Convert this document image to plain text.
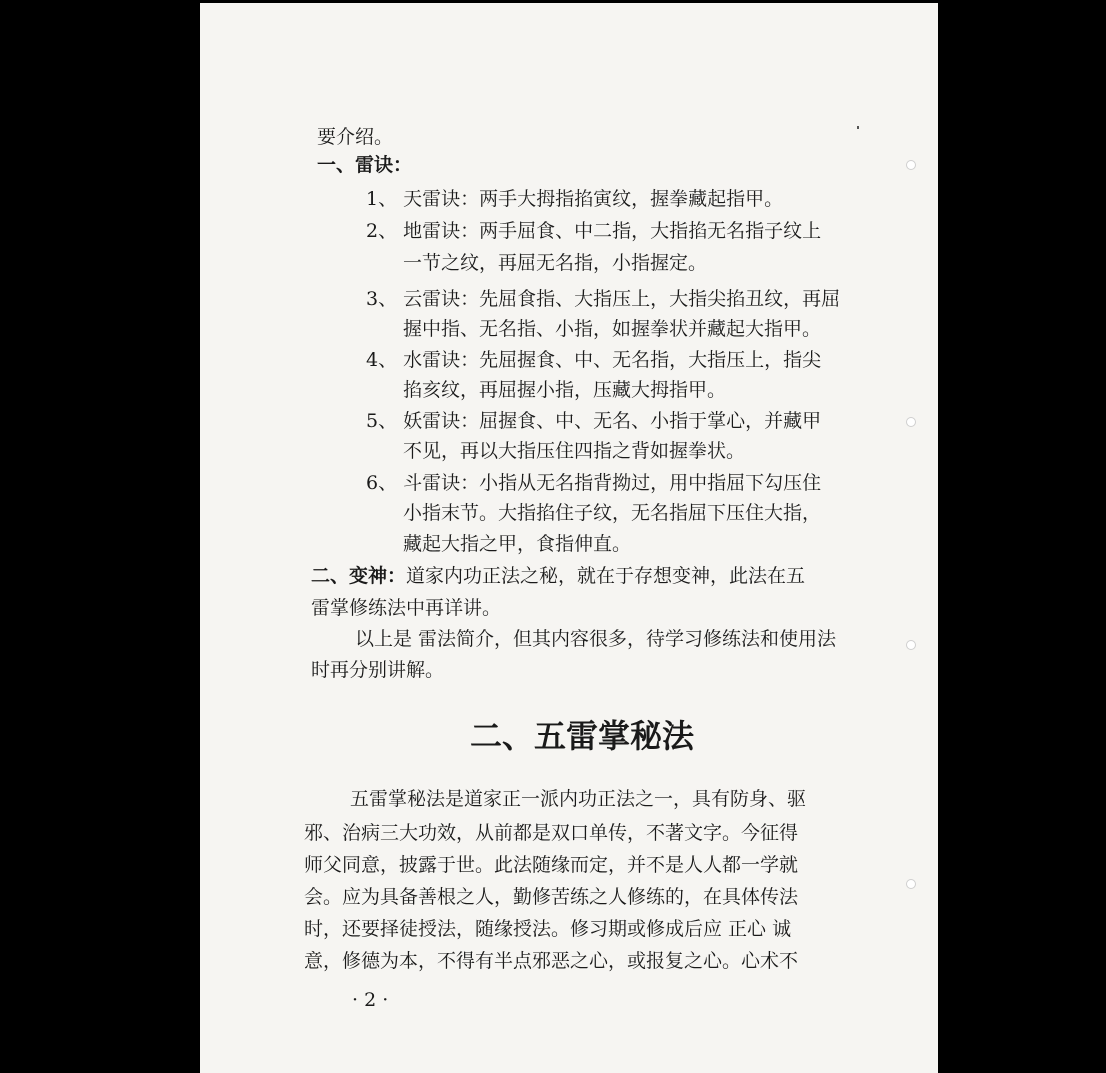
要介绍。
一、雷诀：
1、 天雷诀：两手大拇指掐寅纹，握拳藏起指甲。
2、 地雷诀：两手屈食、中二指，大指掐无名指子纹上
一节之纹，再屈无名指，小指握定。
3、 云雷诀：先屈食指、大指压上，大指尖掐丑纹，再屈
握中指、无名指、小指，如握拳状并藏起大指甲。
4、 水雷诀：先屈握食、中、无名指，大指压上，指尖
掐亥纹，再屈握小指，压藏大拇指甲。
5、 妖雷诀：屈握食、中、无名、小指于掌心，并藏甲
不见，再以大指压住四指之背如握拳状。
6、 斗雷诀：小指从无名指背拗过，用中指屈下勾压住
小指末节。大指掐住子纹，无名指屈下压住大指，
藏起大指之甲，食指伸直。
二、变神：道家内功正法之秘，就在于存想变神，此法在五
雷掌修练法中再详讲。
以上是 雷法简介，但其内容很多，待学习修练法和使用法
时再分别讲解。
二、五雷掌秘法
五雷掌秘法是道家正一派内功正法之一，具有防身、驱
邪、治病三大功效，从前都是双口单传，不著文字。今征得
师父同意，披露于世。此法随缘而定，并不是人人都一学就
会。应为具备善根之人，勤修苦练之人修练的，在具体传法
时，还要择徒授法，随缘授法。修习期或修成后应 正心 诚
意，修德为本，不得有半点邪恶之心，或报复之心。心术不
· 2 ·
